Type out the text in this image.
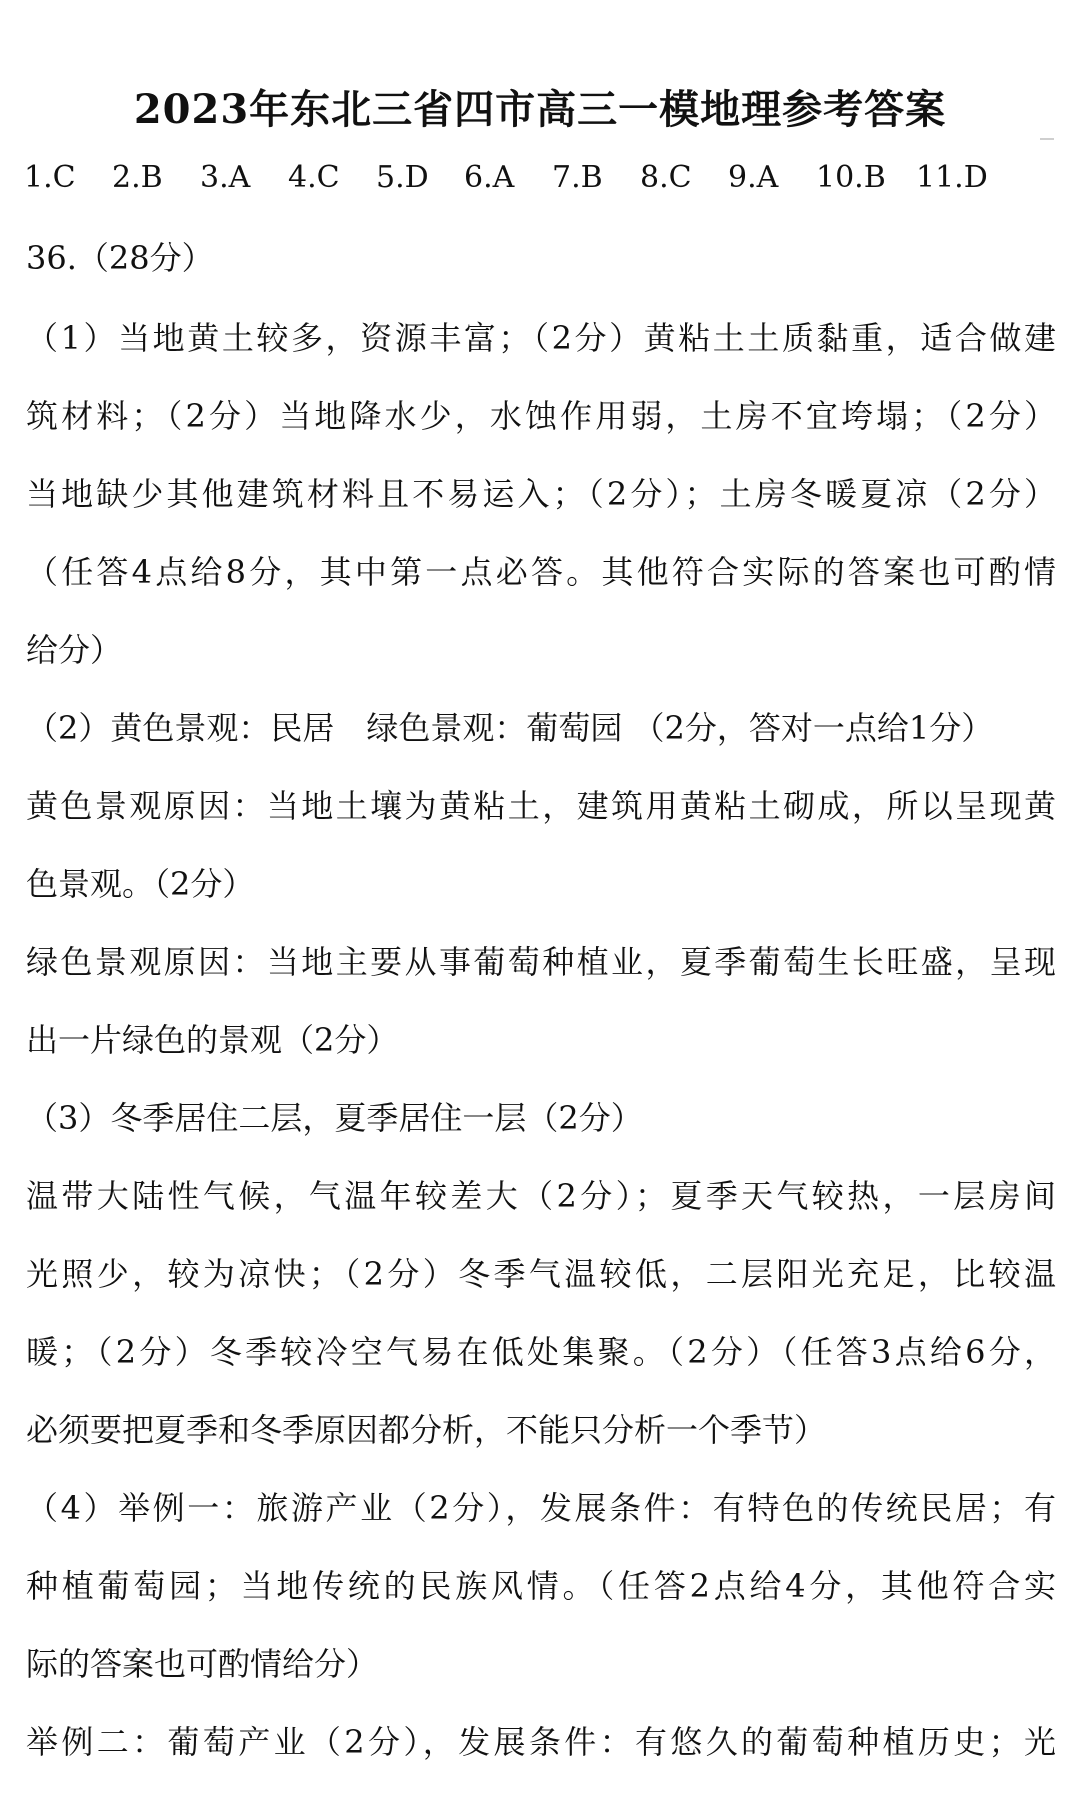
2023年东北三省四市高三一模地理参考答案
1.C	2.B	3.A	4.C	5.D	6.A	7.B	8.C	9.A	10.B	11.D
36.（28分）
（1）当地黄土较多，资源丰富；（2分）黄粘土土质黏重，适合做建
筑材料；（2分）当地降水少，水蚀作用弱，土房不宜垮塌；（2分）
当地缺少其他建筑材料且不易运入；（2分）；土房冬暖夏凉（2分）
（任答4点给8分，其中第一点必答。其他符合实际的答案也可酌情
给分）
（2）黄色景观：民居　绿色景观：葡萄园 （2分，答对一点给1分）
黄色景观原因：当地土壤为黄粘土，建筑用黄粘土砌成，所以呈现黄
色景观。（2分）
绿色景观原因：当地主要从事葡萄种植业，夏季葡萄生长旺盛，呈现
出一片绿色的景观（2分）
（3）冬季居住二层，夏季居住一层（2分）
温带大陆性气候，气温年较差大（2分）；夏季天气较热，一层房间
光照少，较为凉快；（2分）冬季气温较低，二层阳光充足，比较温
暖；（2分）冬季较冷空气易在低处集聚。（2分）（任答3点给6分，
必须要把夏季和冬季原因都分析，不能只分析一个季节）
（4）举例一：旅游产业（2分），发展条件：有特色的传统民居；有
种植葡萄园；当地传统的民族风情。（任答2点给4分，其他符合实
际的答案也可酌情给分）
举例二：葡萄产业（2分），发展条件：有悠久的葡萄种植历史；光
